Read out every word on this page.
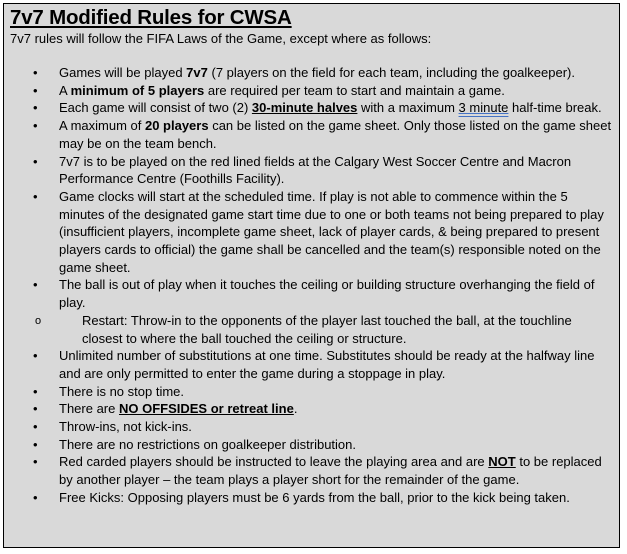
7v7 Modified Rules for CWSA
7v7 rules will follow the FIFA Laws of the Game, except where as follows:
• Games will be played 7v7 (7 players on the field for each team, including the goalkeeper).
• A minimum of 5 players are required per team to start and maintain a game.
• Each game will consist of two (2) 30-minute halves with a maximum 3 minute half-time break.
• A maximum of 20 players can be listed on the game sheet. Only those listed on the game sheet may be on the team bench.
• 7v7 is to be played on the red lined fields at the Calgary West Soccer Centre and Macron Performance Centre (Foothills Facility).
• Game clocks will start at the scheduled time. If play is not able to commence within the 5 minutes of the designated game start time due to one or both teams not being prepared to play (insufficient players, incomplete game sheet, lack of player cards, & being prepared to present players cards to official) the game shall be cancelled and the team(s) responsible noted on the game sheet.
• The ball is out of play when it touches the ceiling or building structure overhanging the field of play.
o	Restart: Throw-in to the opponents of the player last touched the ball, at the touchline closest to where the ball touched the ceiling or structure.
• Unlimited number of substitutions at one time. Substitutes should be ready at the halfway line and are only permitted to enter the game during a stoppage in play.
• There is no stop time.
• There are NO OFFSIDES or retreat line.
• Throw-ins, not kick-ins.
• There are no restrictions on goalkeeper distribution.
• Red carded players should be instructed to leave the playing area and are NOT to be replaced by another player – the team plays a player short for the remainder of the game.
• Free Kicks: Opposing players must be 6 yards from the ball, prior to the kick being taken.
